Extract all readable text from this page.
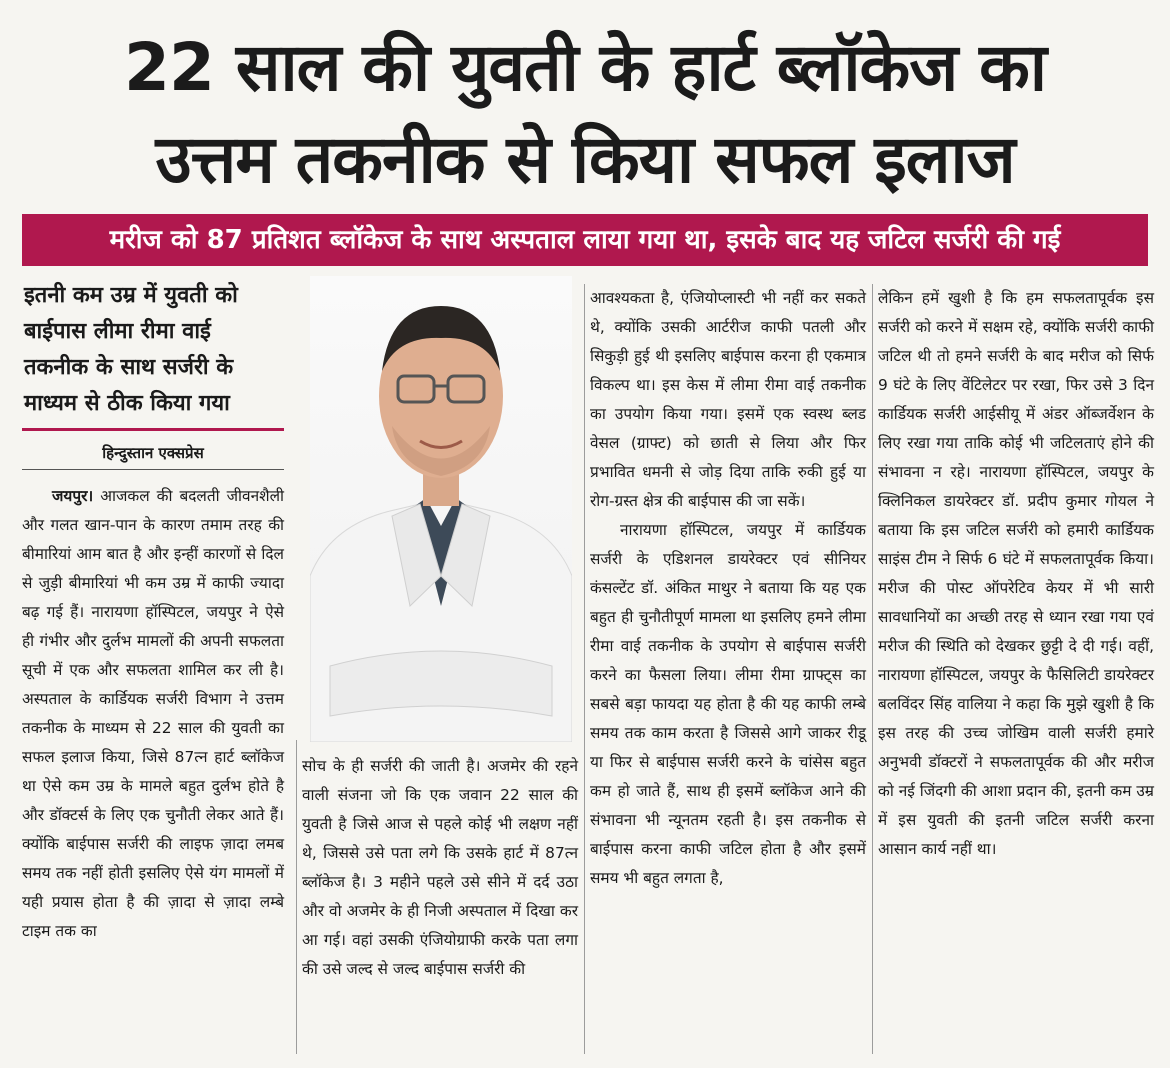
22 साल की युवती के हार्ट ब्लॉकेज का
उत्तम तकनीक से किया सफल इलाज
मरीज को 87 प्रतिशत ब्लॉकेज के साथ अस्पताल लाया गया था, इसके बाद यह जटिल सर्जरी की गई
इतनी कम उम्र में युवती को बाईपास लीमा रीमा वाई तकनीक के साथ सर्जरी के माध्यम से ठीक किया गया
हिन्दुस्तान एक्सप्रेस

जयपुर। आजकल की बदलती जीवनशैली और गलत खान-पान के कारण तमाम तरह की बीमारियां आम बात है और इन्हीं कारणों से दिल से जुड़ी बीमारियां भी कम उम्र में काफी ज्यादा बढ़ गई हैं। नारायणा हॉस्पिटल, जयपुर ने ऐसे ही गंभीर और दुर्लभ मामलों की अपनी सफलता सूची में एक और सफलता शामिल कर ली है। अस्पताल के कार्डियक सर्जरी विभाग ने उत्तम तकनीक के माध्यम से 22 साल की युवती का सफल इलाज किया, जिसे 87त्न हार्ट ब्लॉकेज था ऐसे कम उम्र के मामले बहुत दुर्लभ होते है और डॉक्टर्स के लिए एक चुनौती लेकर आते हैं। क्योंकि बाईपास सर्जरी की लाइफ ज़ादा लमब समय तक नहीं होती इसलिए ऐसे यंग मामलों में यही प्रयास होता है की ज़ादा से ज़ादा लम्बे टाइम तक का

सोच के ही सर्जरी की जाती है। अजमेर की रहने वाली संजना जो कि एक जवान 22 साल की युवती है जिसे आज से पहले कोई भी लक्षण नहीं थे, जिससे उसे पता लगे कि उसके हार्ट में 87त्न ब्लॉकेज है। 3 महीने पहले उसे सीने में दर्द उठा और वो अजमेर के ही निजी अस्पताल में दिखा कर आ गई। वहां उसकी एंजियोग्राफी करके पता लगा की उसे जल्द से जल्द बाईपास सर्जरी की

आवश्यकता है, एंजियोप्लास्टी भी नहीं कर सकते थे, क्योंकि उसकी आर्टरीज काफी पतली और सिकुड़ी हुई थी इसलिए बाईपास करना ही एकमात्र विकल्प था। इस केस में लीमा रीमा वाई तकनीक का उपयोग किया गया। इसमें एक स्वस्थ ब्लड वेसल (ग्राफ्ट) को छाती से लिया और फिर प्रभावित धमनी से जोड़ दिया ताकि रुकी हुई या रोग-ग्रस्त क्षेत्र की बाईपास की जा सकें।

नारायणा हॉस्पिटल, जयपुर में कार्डियक सर्जरी के एडिशनल डायरेक्टर एवं सीनियर कंसल्टेंट डॉ. अंकित माथुर ने बताया कि यह एक बहुत ही चुनौतीपूर्ण मामला था इसलिए हमने लीमा रीमा वाई तकनीक के उपयोग से बाईपास सर्जरी करने का फैसला लिया। लीमा रीमा ग्राफ्ट्स का सबसे बड़ा फायदा यह होता है की यह काफी लम्बे समय तक काम करता है जिससे आगे जाकर रीडू या फिर से बाईपास सर्जरी करने के चांसेस बहुत कम हो जाते हैं, साथ ही इसमें ब्लॉकेज आने की संभावना भी न्यूनतम रहती है। इस तकनीक से बाईपास करना काफी जटिल होता है और इसमें समय भी बहुत लगता है,

लेकिन हमें खुशी है कि हम सफलतापूर्वक इस सर्जरी को करने में सक्षम रहे, क्योंकि सर्जरी काफी जटिल थी तो हमने सर्जरी के बाद मरीज को सिर्फ 9 घंटे के लिए वेंटिलेटर पर रखा, फिर उसे 3 दिन कार्डियक सर्जरी आईसीयू में अंडर ऑब्जर्वेशन के लिए रखा गया ताकि कोई भी जटिलताएं होने की संभावना न रहे। नारायणा हॉस्पिटल, जयपुर के क्लिनिकल डायरेक्टर डॉ. प्रदीप कुमार गोयल ने बताया कि इस जटिल सर्जरी को हमारी कार्डियक साइंस टीम ने सिर्फ 6 घंटे में सफलतापूर्वक किया। मरीज की पोस्ट ऑपरेटिव केयर में भी सारी सावधानियों का अच्छी तरह से ध्यान रखा गया एवं मरीज की स्थिति को देखकर छुट्टी दे दी गई। वहीं, नारायणा हॉस्पिटल, जयपुर के फैसिलिटी डायरेक्टर बलविंदर सिंह वालिया ने कहा कि मुझे खुशी है कि इस तरह की उच्च जोखिम वाली सर्जरी हमारे अनुभवी डॉक्टरों ने सफलतापूर्वक की और मरीज को नई जिंदगी की आशा प्रदान की, इतनी कम उम्र में इस युवती की इतनी जटिल सर्जरी करना आसान कार्य नहीं था।
